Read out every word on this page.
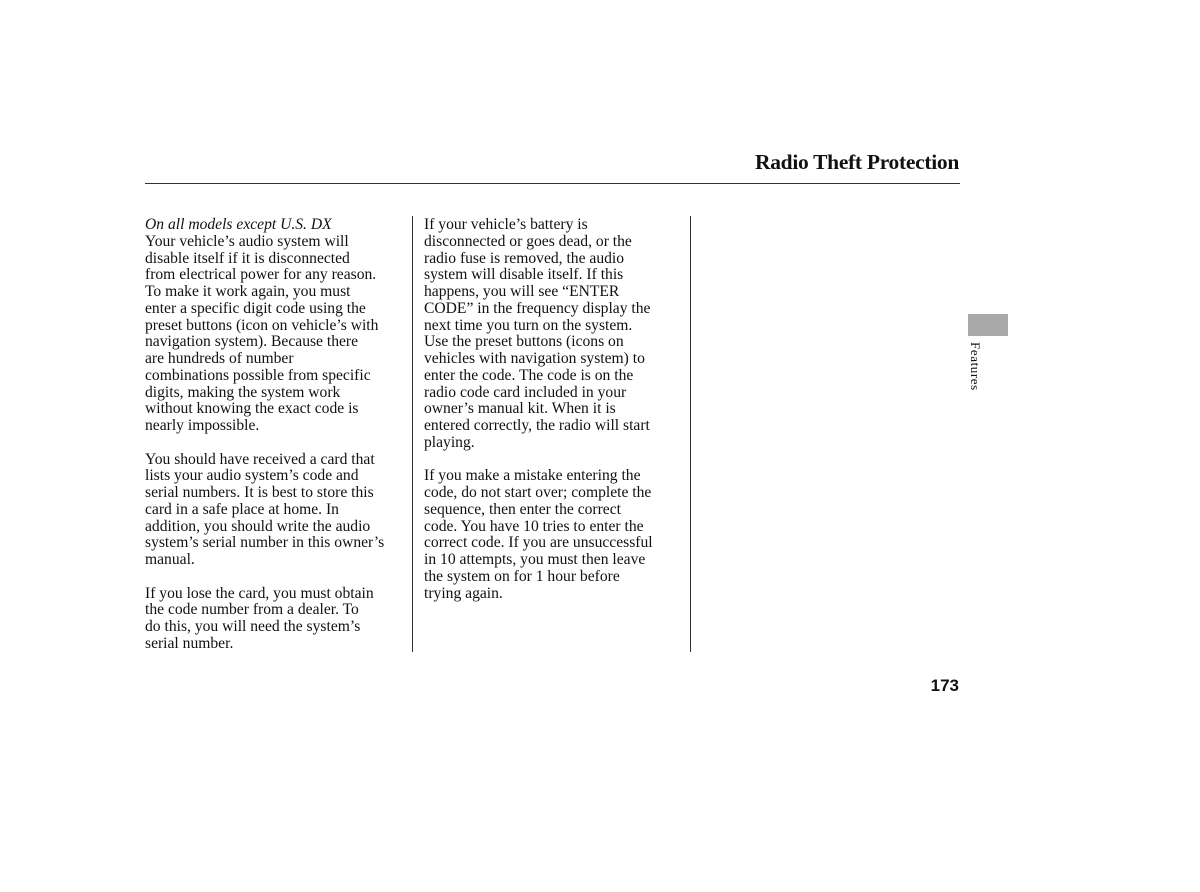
Radio Theft Protection
On all models except U.S. DX

Your vehicle’s audio system will
disable itself if it is disconnected
from electrical power for any reason.
To make it work again, you must
enter a specific digit code using the
preset buttons (icon on vehicle’s with
navigation system). Because there
are hundreds of number
combinations possible from specific
digits, making the system work
without knowing the exact code is
nearly impossible.

You should have received a card that
lists your audio system’s code and
serial numbers. It is best to store this
card in a safe place at home. In
addition, you should write the audio
system’s serial number in this owner’s
manual.

If you lose the card, you must obtain
the code number from a dealer. To
do this, you will need the system’s
serial number.

If your vehicle’s battery is
disconnected or goes dead, or the
radio fuse is removed, the audio
system will disable itself. If this
happens, you will see “ENTER
CODE” in the frequency display the
next time you turn on the system.
Use the preset buttons (icons on
vehicles with navigation system) to
enter the code. The code is on the
radio code card included in your
owner’s manual kit. When it is
entered correctly, the radio will start
playing.

If you make a mistake entering the
code, do not start over; complete the
sequence, then enter the correct
code. You have 10 tries to enter the
correct code. If you are unsuccessful
in 10 attempts, you must then leave
the system on for 1 hour before
trying again.

Features
173
